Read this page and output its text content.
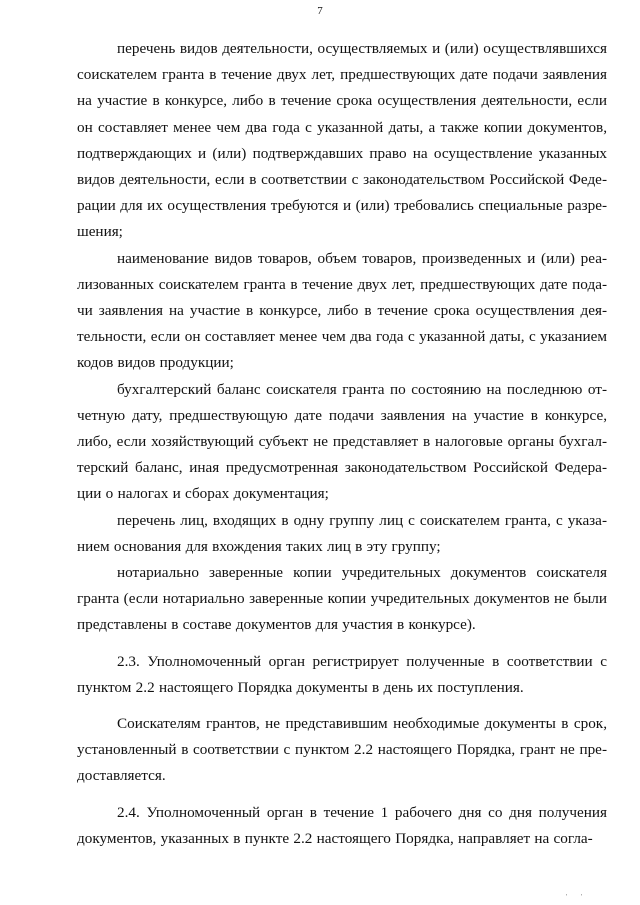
7

перечень видов деятельности, осуществляемых и (или) осуществлявшихся соискателем гранта в течение двух лет, предшествующих дате подачи заявления на участие в конкурсе, либо в течение срока осуществления деятельности, если он составляет менее чем два года с указанной даты, а также копии документов, подтверждающих и (или) подтверждавших право на осуществление указанных видов деятельности, если в соответствии с законодательством Российской Федерации для их осуществления требуются и (или) требовались специальные разрешения;

наименование видов товаров, объем товаров, произведенных и (или) реализованных соискателем гранта в течение двух лет, предшествующих дате подачи заявления на участие в конкурсе, либо в течение срока осуществления деятельности, если он составляет менее чем два года с указанной даты, с указанием кодов видов продукции;

бухгалтерский баланс соискателя гранта по состоянию на последнюю отчетную дату, предшествующую дате подачи заявления на участие в конкурсе, либо, если хозяйствующий субъект не представляет в налоговые органы бухгалтерский баланс, иная предусмотренная законодательством Российской Федерации о налогах и сборах документация;

перечень лиц, входящих в одну группу лиц с соискателем гранта, с указанием основания для вхождения таких лиц в эту группу;

нотариально заверенные копии учредительных документов соискателя гранта (если нотариально заверенные копии учредительных документов не были представлены в составе документов для участия в конкурсе).

2.3. Уполномоченный орган регистрирует полученные в соответствии с пунктом 2.2 настоящего Порядка документы в день их поступления.

Соискателям грантов, не представившим необходимые документы в срок, установленный в соответствии с пунктом 2.2 настоящего Порядка, грант не предоставляется.

2.4. Уполномоченный орган в течение 1 рабочего дня со дня получения документов, указанных в пункте 2.2 настоящего Порядка, направляет на согла-

' '
